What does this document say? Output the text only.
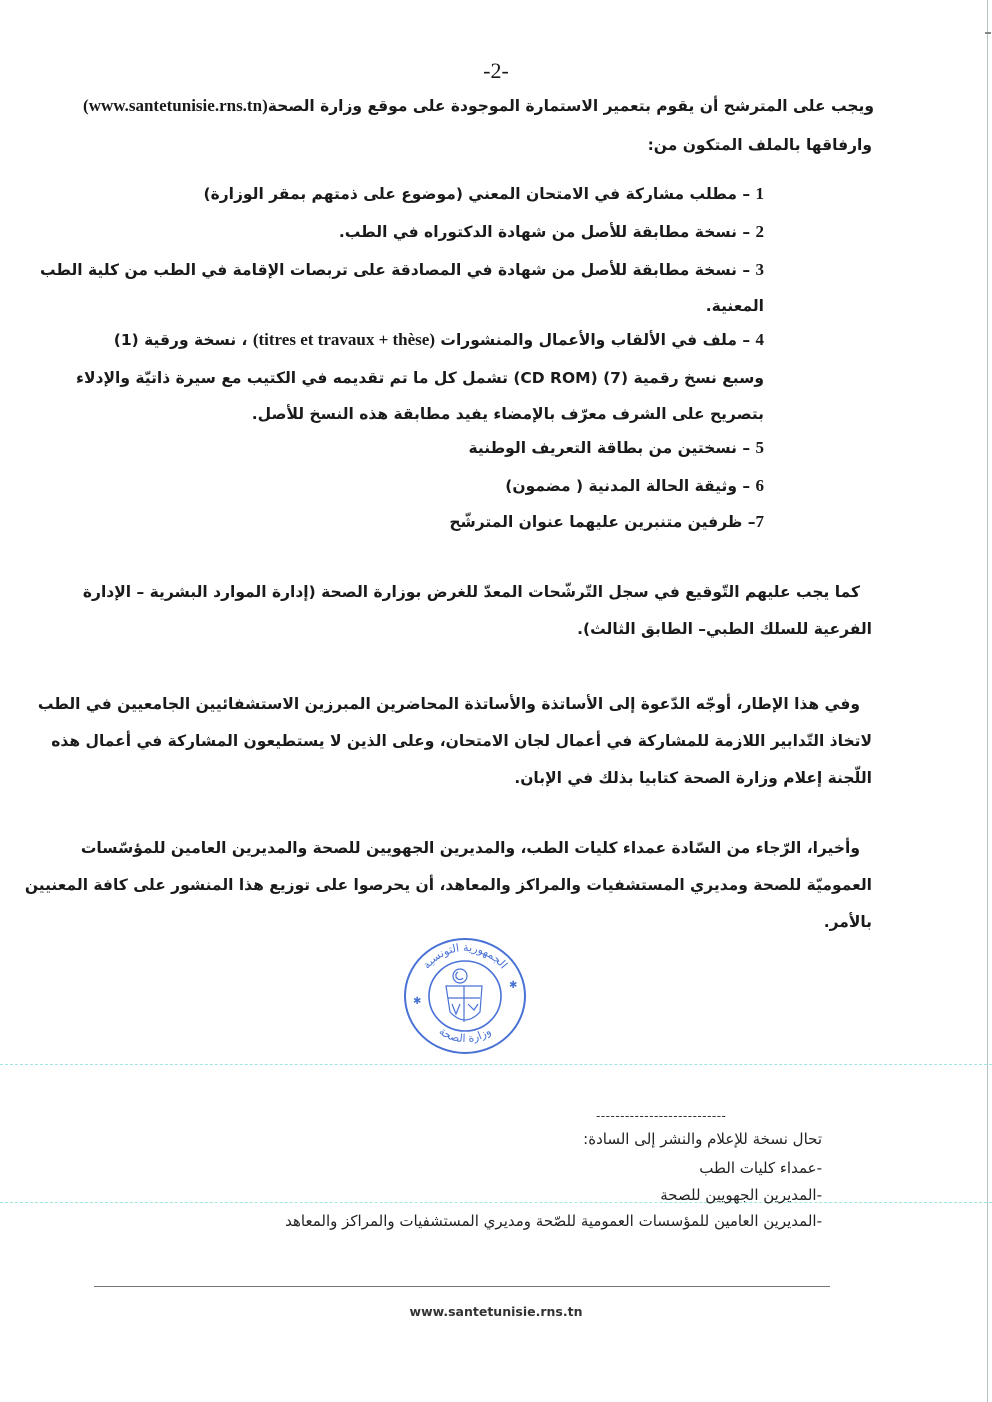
-2-
ويجب على المترشح أن يقوم بتعمير الاستمارة الموجودة على موقع وزارة الصحة(www.santetunisie.rns.tn)
وارفاقها بالملف المتكون من:
1 – مطلب مشاركة في الامتحان المعني (موضوع على ذمتهم بمقر الوزارة)
2 – نسخة مطابقة للأصل من شهادة الدكتوراه في الطب.
3 – نسخة مطابقة للأصل من شهادة في المصادقة على تربصات الإقامة في الطب من كلية الطب
المعنية.
4 – ملف في الألقاب والأعمال والمنشورات (titres et travaux + thèse) ، نسخة ورقية (1)
وسبع نسخ رقمية (7) (CD ROM) تشمل كل ما تم تقديمه في الكتيب مع سيرة ذاتيّة والإدلاء
بتصريح على الشرف معرّف بالإمضاء يفيد مطابقة هذه النسخ للأصل.
5 – نسختين من بطاقة التعريف الوطنية
6 – وثيقة الحالة المدنية ( مضمون)
7– ظرفين متنبرين عليهما عنوان المترشّح
كما يجب عليهم التّوقيع في سجل التّرشّحات المعدّ للغرض بوزارة الصحة (إدارة الموارد البشرية – الإدارة
الفرعية للسلك الطبي– الطابق الثالث).
وفي هذا الإطار، أوجّه الدّعوة إلى الأساتذة والأساتذة المحاضرين المبرزين الاستشفائيين الجامعيين في الطب
لاتخاذ التّدابير اللازمة للمشاركة في أعمال لجان الامتحان، وعلى الذين لا يستطيعون المشاركة في أعمال هذه
اللّجنة إعلام وزارة الصحة كتابيا بذلك في الإبان.
وأخيرا، الرّجاء من السّادة عمداء كليات الطب، والمديرين الجهويين للصحة والمديرين العامين للمؤسّسات
العموميّة للصحة ومديري المستشفيات والمراكز والمعاهد، أن يحرصوا على توزيع هذا المنشور على كافة المعنيين
بالأمر.
الجمهورية التونسية
وزارة الصحة
✱
✱
---------------------------
تحال نسخة للإعلام والنشر إلى السادة:
-عمداء كليات الطب
-المديرين الجهويين للصحة
-المديرين العامين للمؤسسات العمومية للصّحة ومديري المستشفيات والمراكز والمعاهد
www.santetunisie.rns.tn
